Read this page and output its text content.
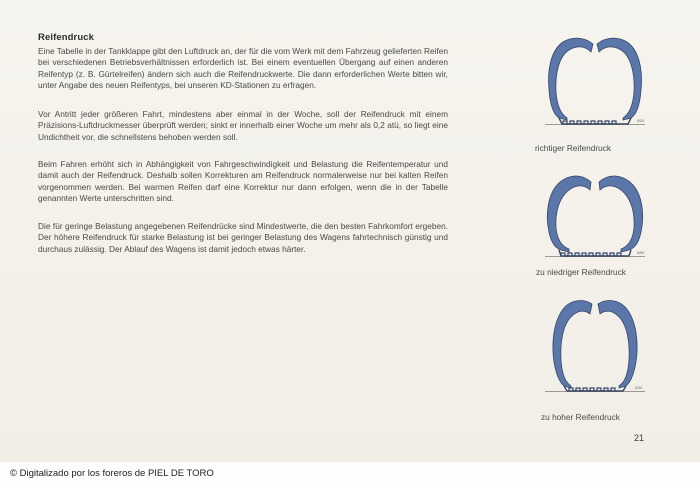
Reifendruck

Eine Tabelle in der Tankklappe gibt den Luftdruck an, der für die vom Werk mit dem Fahrzeug gelieferten Reifen bei verschiedenen Betriebsverhältnissen erforderlich ist. Bei einem eventuellen Übergang auf einen anderen Reifentyp (z. B. Gürtelreifen) ändern sich auch die Reifendruckwerte. Die dann erforderlichen Werte bitten wir, unter Angabe des neuen Reifentyps, bei unseren KD-Stationen zu erfragen.

Vor Antritt jeder größeren Fahrt, mindestens aber einmal in der Woche, soll der Reifendruck mit einem Präzisions-Luftdruckmesser überprüft werden; sinkt er innerhalb einer Woche um mehr als 0,2 atü, so liegt eine Undichtheit vor, die schnellstens behoben werden soll.

Beim Fahren erhöht sich in Abhängigkeit von Fahrgeschwindigkeit und Belastung die Reifentemperatur und damit auch der Reifendruck. Deshalb sollen Korrekturen am Reifendruck normalerweise nur bei kalten Reifen vorgenommen werden. Bei warmen Reifen darf eine Korrektur nur dann erfolgen, wenn die in der Tabelle genannten Werte unterschritten sind.

Die für geringe Belastung angegebenen Reifendrücke sind Mindestwerte, die den besten Fahrkomfort ergeben. Der höhere Reifendruck für starke Belastung ist bei geringer Belastung des Wagens fahrtechnisch günstig und durchaus zulässig. Der Ablauf des Wagens ist damit jedoch etwas härter.

0/15
0/94
0/43
richtiger Reifendruck
zu niedriger Reifendruck
zu hoher Reifendruck
21
© Digitalizado por los foreros de PIEL DE TORO
